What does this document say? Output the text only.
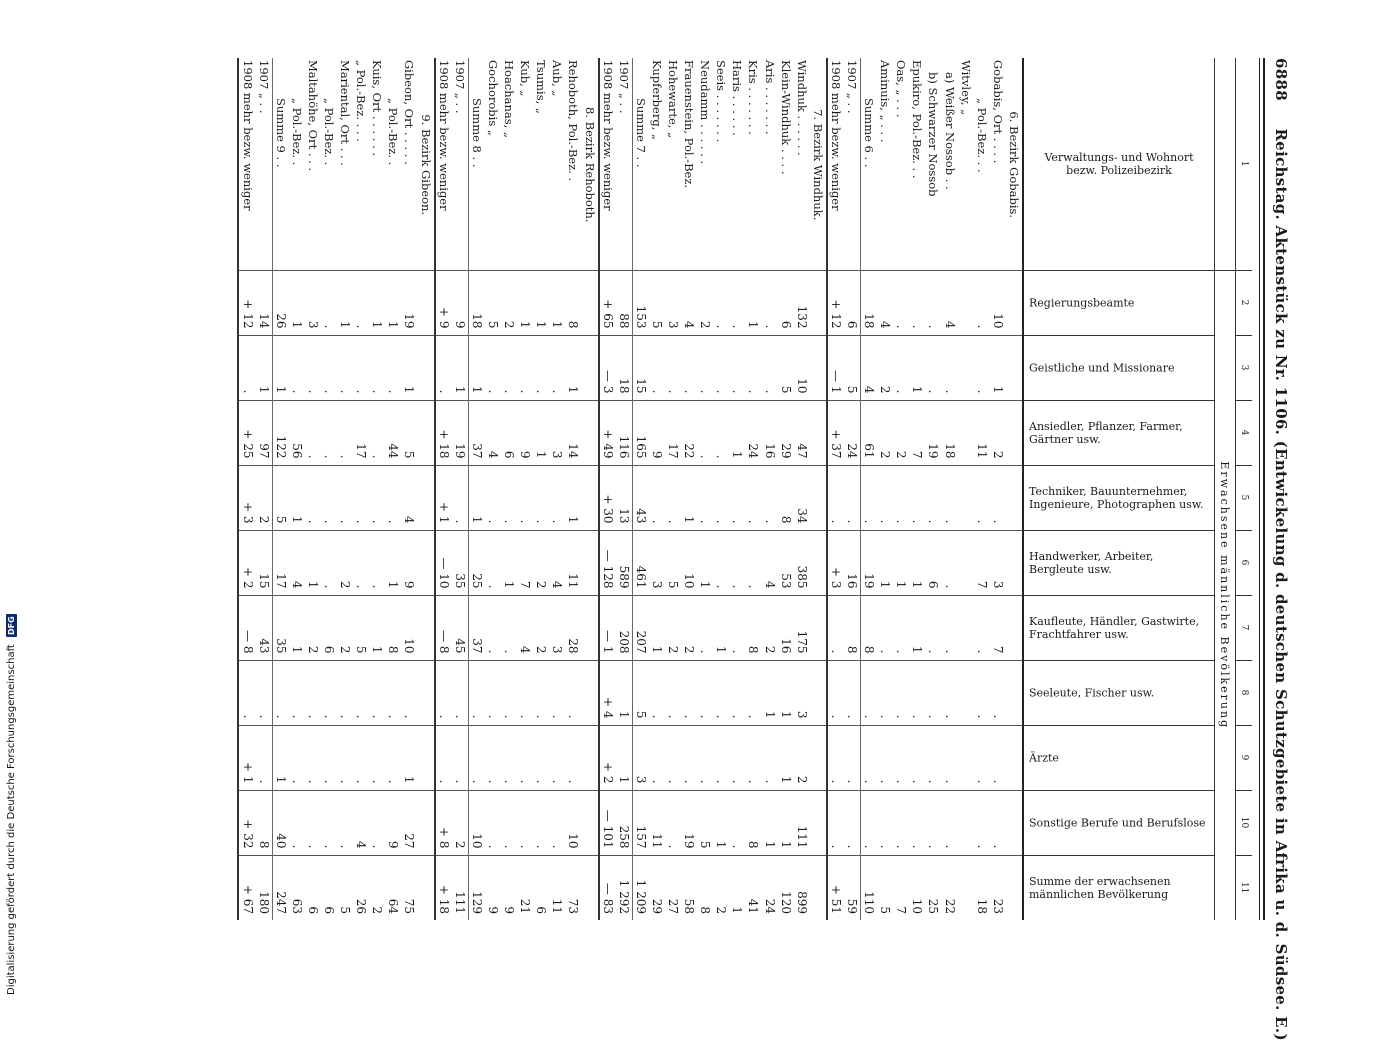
6888 Reichstag. Aktenstück zu Nr. 1106. (Entwickelung d. deutschen Schutzgebiete in Afrika u. d. Südsee. E.)
1	2	3	4	5	6	7	8	9	10	11
	Erwachsene männliche Bevölkerung									

Verwaltungs- und Wohnort bezw. Polizeibezirk	Regierungsbeamte	Geistliche und Missionare	Ansiedler, Pflanzer, Farmer, Gärtner usw.	Techniker, Bauunternehmer, Ingenieure, Photographen usw.	Handwerker, Arbeiter, Bergleute usw.	Kaufleute, Händler, Gastwirte, Frachtfahrer usw.	Seeleute, Fischer usw.	Ärzte	Sonstige Berufe und Berufslose	Summe der erwachsenen männlichen Bevölkerung

6. Bezirk Gobabis.										
Gobabis, Ort . . . .	10	1	2	.	3	7	.	.	.	23
„ Pol.-Bez. . .	.	.	11	.	7	.	.	.	.	18
Witvley, „										
a) Weißer Nossob . .	4	.	18	.	.	.	.	.	.	22
b) Schwarzer Nossob	.	.	19	.	6	.	.	.	.	25
Epukiro, Pol.-Bez. . .	.	1	7	.	1	1	.	.	.	10
Oas, „ . . .	.	.	2	.	1	.	.	.	.	7
Aminuis, „ . . .	4	2	2	.	1	.	.	.	.	5
Summe 6 . .	18	4	61	.	19	8	.	.	.	110
1907 „ . .	6	5	24	.	16	8	.	.	.	59
1908 mehr bezw. weniger	+ 12	— 1	+ 37	.	+ 3	.	.	.	.	+ 51
7. Bezirk Windhuk.										
Windhuk . . . . . .	132	10	47	34	385	175	3	2	111	899
Klein-Windhuk . . . .	6	5	29	8	53	16	1	1	1	120
Aris . . . . . . .	.	.	16	.	4	2	1	.	1	24
Kris . . . . . . .	1	.	24	.	.	8	.	.	8	41
Haris . . . . . .	.	.	1	.	.	.	.	.	.	1
Seeis . . . . . . .	.	.	.	.	.	1	.	.	1	2
Neudamm . . . . . .	2	.	.	.	1	.	.	.	5	8
Frauenstein, Pol.-Bez.	4	.	22	1	10	2	.	.	19	58
Hohewarte, „	3	.	17	.	5	2	.	.	.	27
Kupferberg, „	5	.	9	.	3	1	.	.	11	29
Summe 7 . .	153	15	165	43	461	207	5	3	157	1 209
1907 „ . .	88	18	116	13	589	208	1	1	258	1 292
1908 mehr bezw. weniger	+ 65	— 3	+ 49	+ 30	— 128	— 1	+ 4	+ 2	— 101	— 83
8. Bezirk Rehoboth.										
Rehoboth, Pol.-Bez. .	8	1	14	1	11	28	.	.	10	73
Aub, „	1	.	3	.	4	3	.	.	.	11
Tsumis, „	1	.	1	.	2	2	.	.	.	6
Kub, „	1	.	9	.	7	4	.	.	.	21
Hoachanas, „	2	.	6	.	1	.	.	.	.	9
Gochorobis „	5	.	4	.	.	.	.	.	.	9
Summe 8 . .	18	1	37	1	25	37	.	.	10	129
1907 „ . .	9	1	19	.	35	45	.	.	2	111
1908 mehr bezw. weniger	+ 9	.	+ 18	+ 1	— 10	— 8	.	.	+ 8	+ 18
9. Bezirk Gibeon.										
Gibeon, Ort . . . . .	19	1	5	4	9	10	.	1	27	75
„ Pol.-Bez. .	1	.	44	.	1	8	.	.	9	64
Kuis, Ort . . . . . .	1	.	.	.	.	1	.	.	.	2
„ Pol.-Bez. . . .	.	.	17	.	.	5	.	.	4	26
Mariental, Ort . . .	1	.	.	.	2	2	.	.	.	5
„ Pol.-Bez. .	.	.	.	.	.	6	.	.	.	6
Maltahöhe, Ort . . .	3	.	.	.	1	2	.	.	.	6
„ Pol.-Bez. .	1	.	56	1	4	1	.	.	.	63
Summe 9 . .	26	1	122	5	17	35	.	1	40	247
1907 „ . .	14	1	97	2	15	43	.	.	8	180
1908 mehr bezw. weniger	+ 12	.	+ 25	+ 3	+ 2	— 8	.	+ 1	+ 32	+ 67
Digitalisierung gefördert durch die Deutsche Forschungsgemeinschaft DFG
